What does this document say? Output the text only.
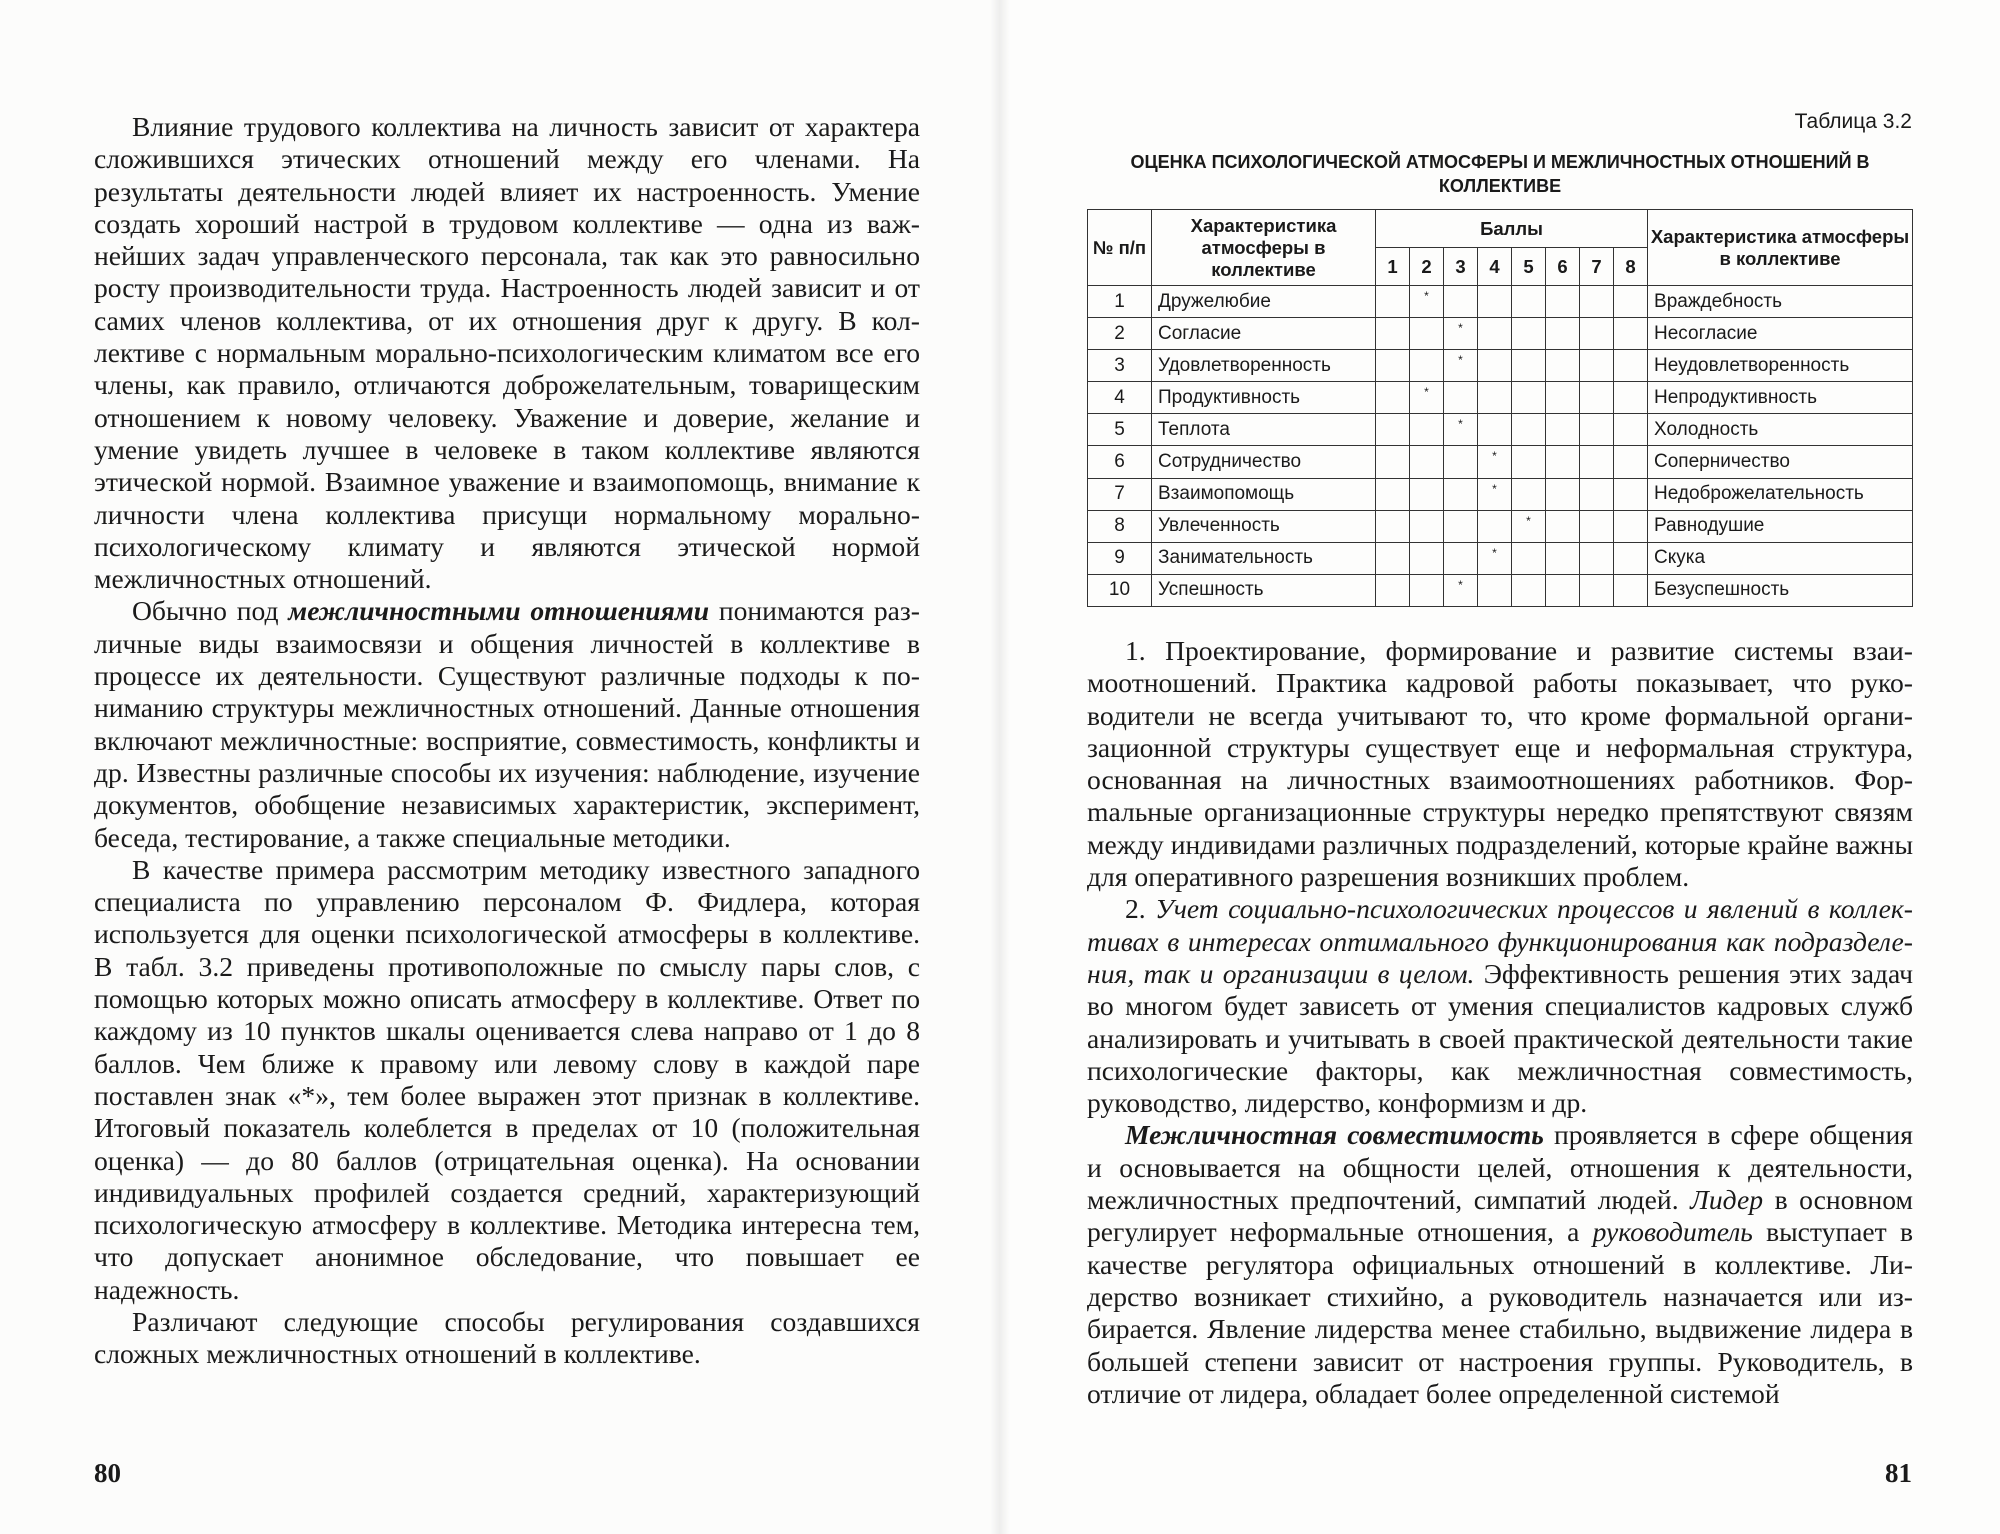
Влияние трудового коллектива на личность зависит от характера сложившихся этических отношений между его членами. На результаты деятельности людей влияет их настроенность. Умение создать хороший настрой в трудовом коллективе — одна из важнейших задач управленческого персонала, так как это равносильно росту производительности труда. Настроенность людей зависит и от самих членов коллектива, от их отношения друг к другу. В коллективе с нормальным морально-психологическим климатом все его члены, как правило, отличаются доброжелательным, товарищеским отношением к новому человеку. Уважение и доверие, желание и умение увидеть лучшее в человеке в таком коллективе являются этической нормой. Взаимное уважение и взаимопомощь, внимание к личности члена коллектива присущи нормальному морально-психологическому климату и являются этической нормой межличностных отношений.

Обычно под межличностными отношениями понимаются различные виды взаимосвязи и общения личностей в коллективе в процессе их деятельности. Существуют различные подходы к пониманию структуры межличностных отношений. Данные отношения включают межличностные: восприятие, совместимость, конфликты и др. Известны различные способы их изучения: наблюдение, изучение документов, обобщение независимых характеристик, эксперимент, беседа, тестирование, а также специальные методики.

В качестве примера рассмотрим методику известного западного специалиста по управлению персоналом Ф. Фидлера, которая используется для оценки психологической атмосферы в коллективе. В табл. 3.2 приведены противоположные по смыслу пары слов, с помощью которых можно описать атмосферу в коллективе. Ответ по каждому из 10 пунктов шкалы оценивается слева направо от 1 до 8 баллов. Чем ближе к правому или левому слову в каждой паре поставлен знак «*», тем более выражен этот признак в коллективе. Итоговый показатель колеблется в пределах от 10 (положительная оценка) — до 80 баллов (отрицательная оценка). На основании индивидуальных профилей создается средний, характеризующий психологическую атмосферу в коллективе. Методика интересна тем, что допускает анонимное обследование, что повышает ее надежность.

Различают следующие способы регулирования создавшихся сложных межличностных отношений в коллективе.

80
Таблица 3.2
ОЦЕНКА ПСИХОЛОГИЧЕСКОЙ АТМОСФЕРЫ И МЕЖЛИЧНОСТНЫХ ОТНОШЕНИЙ В КОЛЛЕКТИВЕ
№ п/п	Характеристика атмосферы в коллективе	Баллы								Характеристика атмосферы в коллективе
		1	2	3	4	5	6	7	8	
1	Дружелюбие		*							Враждебность
2	Согласие			*						Несогласие
3	Удовлетворенность			*						Неудовлетворенность
4	Продуктивность		*							Непродуктивность
5	Теплота			*						Холодность
6	Сотрудничество				*					Соперничество
7	Взаимопомощь				*					Недоброжелательность
8	Увлеченность					*				Равнодушие
9	Занимательность				*					Скука
10	Успешность			*						Безуспешность

1. Проектирование, формирование и развитие системы взаимоотношений. Практика кадровой работы показывает, что руководители не всегда учитывают то, что кроме формальной организационной структуры существует еще и неформальная структура, основанная на личностных взаимоотношениях работников. Форmальные организационные структуры нередко препятствуют связям между индивидами различных подразделений, которые крайне важны для оперативного разрешения возникших проблем.

2. Учет социально-психологических процессов и явлений в коллективах в интересах оптимального функционирования как подразделения, так и организации в целом. Эффективность решения этих задач во многом будет зависеть от умения специалистов кадровых служб анализировать и учитывать в своей практической деятельности такие психологические факторы, как межличностная совместимость, руководство, лидерство, конформизм и др.

Межличностная совместимость проявляется в сфере общения и основывается на общности целей, отношения к деятельности, межличностных предпочтений, симпатий людей. Лидер в основном регулирует неформальные отношения, а руководитель выступает в качестве регулятора официальных отношений в коллективе. Лидерство возникает стихийно, а руководитель назначается или избирается. Явление лидерства менее стабильно, выдвижение лидера в большей степени зависит от настроения группы. Руководитель, в отличие от лидера, обладает более определенной системой

81
